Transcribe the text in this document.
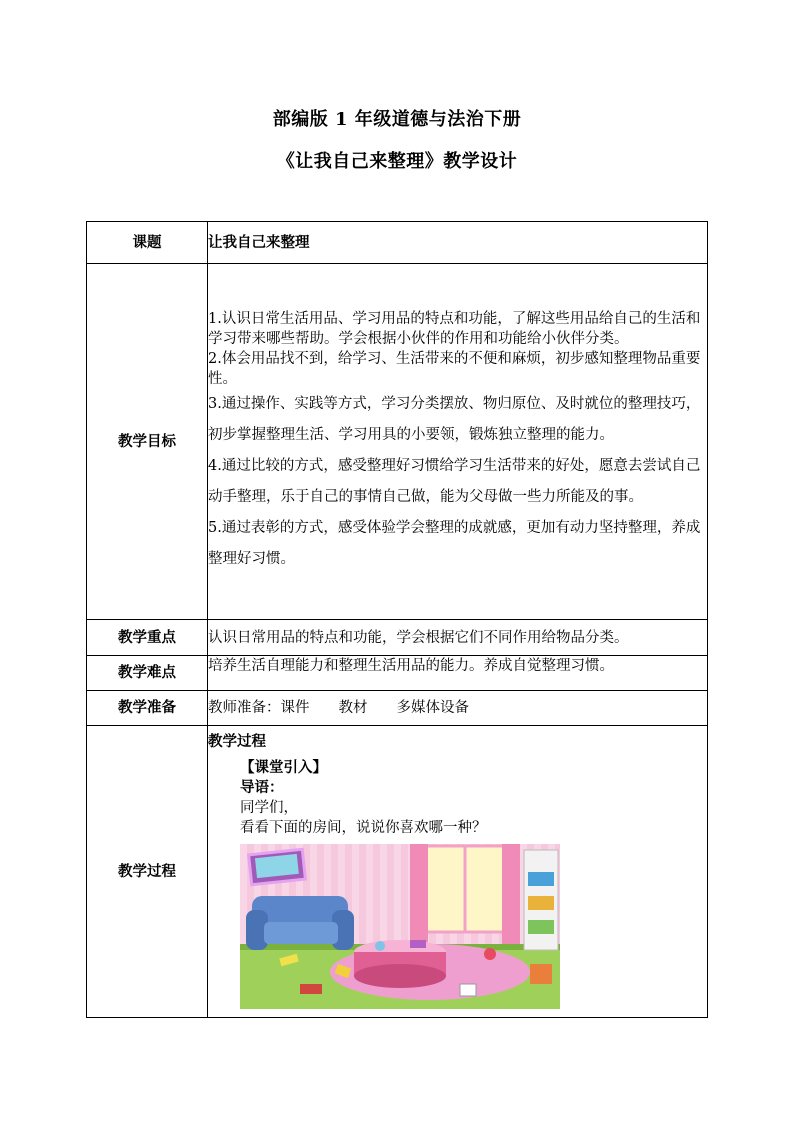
部编版 1 年级道德与法治下册
《让我自己来整理》教学设计
课题	让我自己来整理
教学目标	1.认识日常生活用品、学习用品的特点和功能，了解这些用品给自己的生活和学习带来哪些帮助。学会根据小伙伴的作用和功能给小伙伴分类。

2.体会用品找不到，给学习、生活带来的不便和麻烦，初步感知整理物品重要性。

3.通过操作、实践等方式，学习分类摆放、物归原位、及时就位的整理技巧，初步掌握整理生活、学习用具的小要领，锻炼独立整理的能力。

4.通过比较的方式，感受整理好习惯给学习生活带来的好处，愿意去尝试自己动手整理，乐于自己的事情自己做，能为父母做一些力所能及的事。

5.通过表彰的方式，感受体验学会整理的成就感，更加有动力坚持整理，养成整理好习惯。

教学重点	认识日常用品的特点和功能，学会根据它们不同作用给物品分类。
教学难点	培养生活自理能力和整理生活用品的能力。养成自觉整理习惯。
教学准备	教师准备：课件　　教材　　多媒体设备
教学过程	教学过程
【课堂引入】
导语：
同学们，
看看下面的房间，说说你喜欢哪一种？
